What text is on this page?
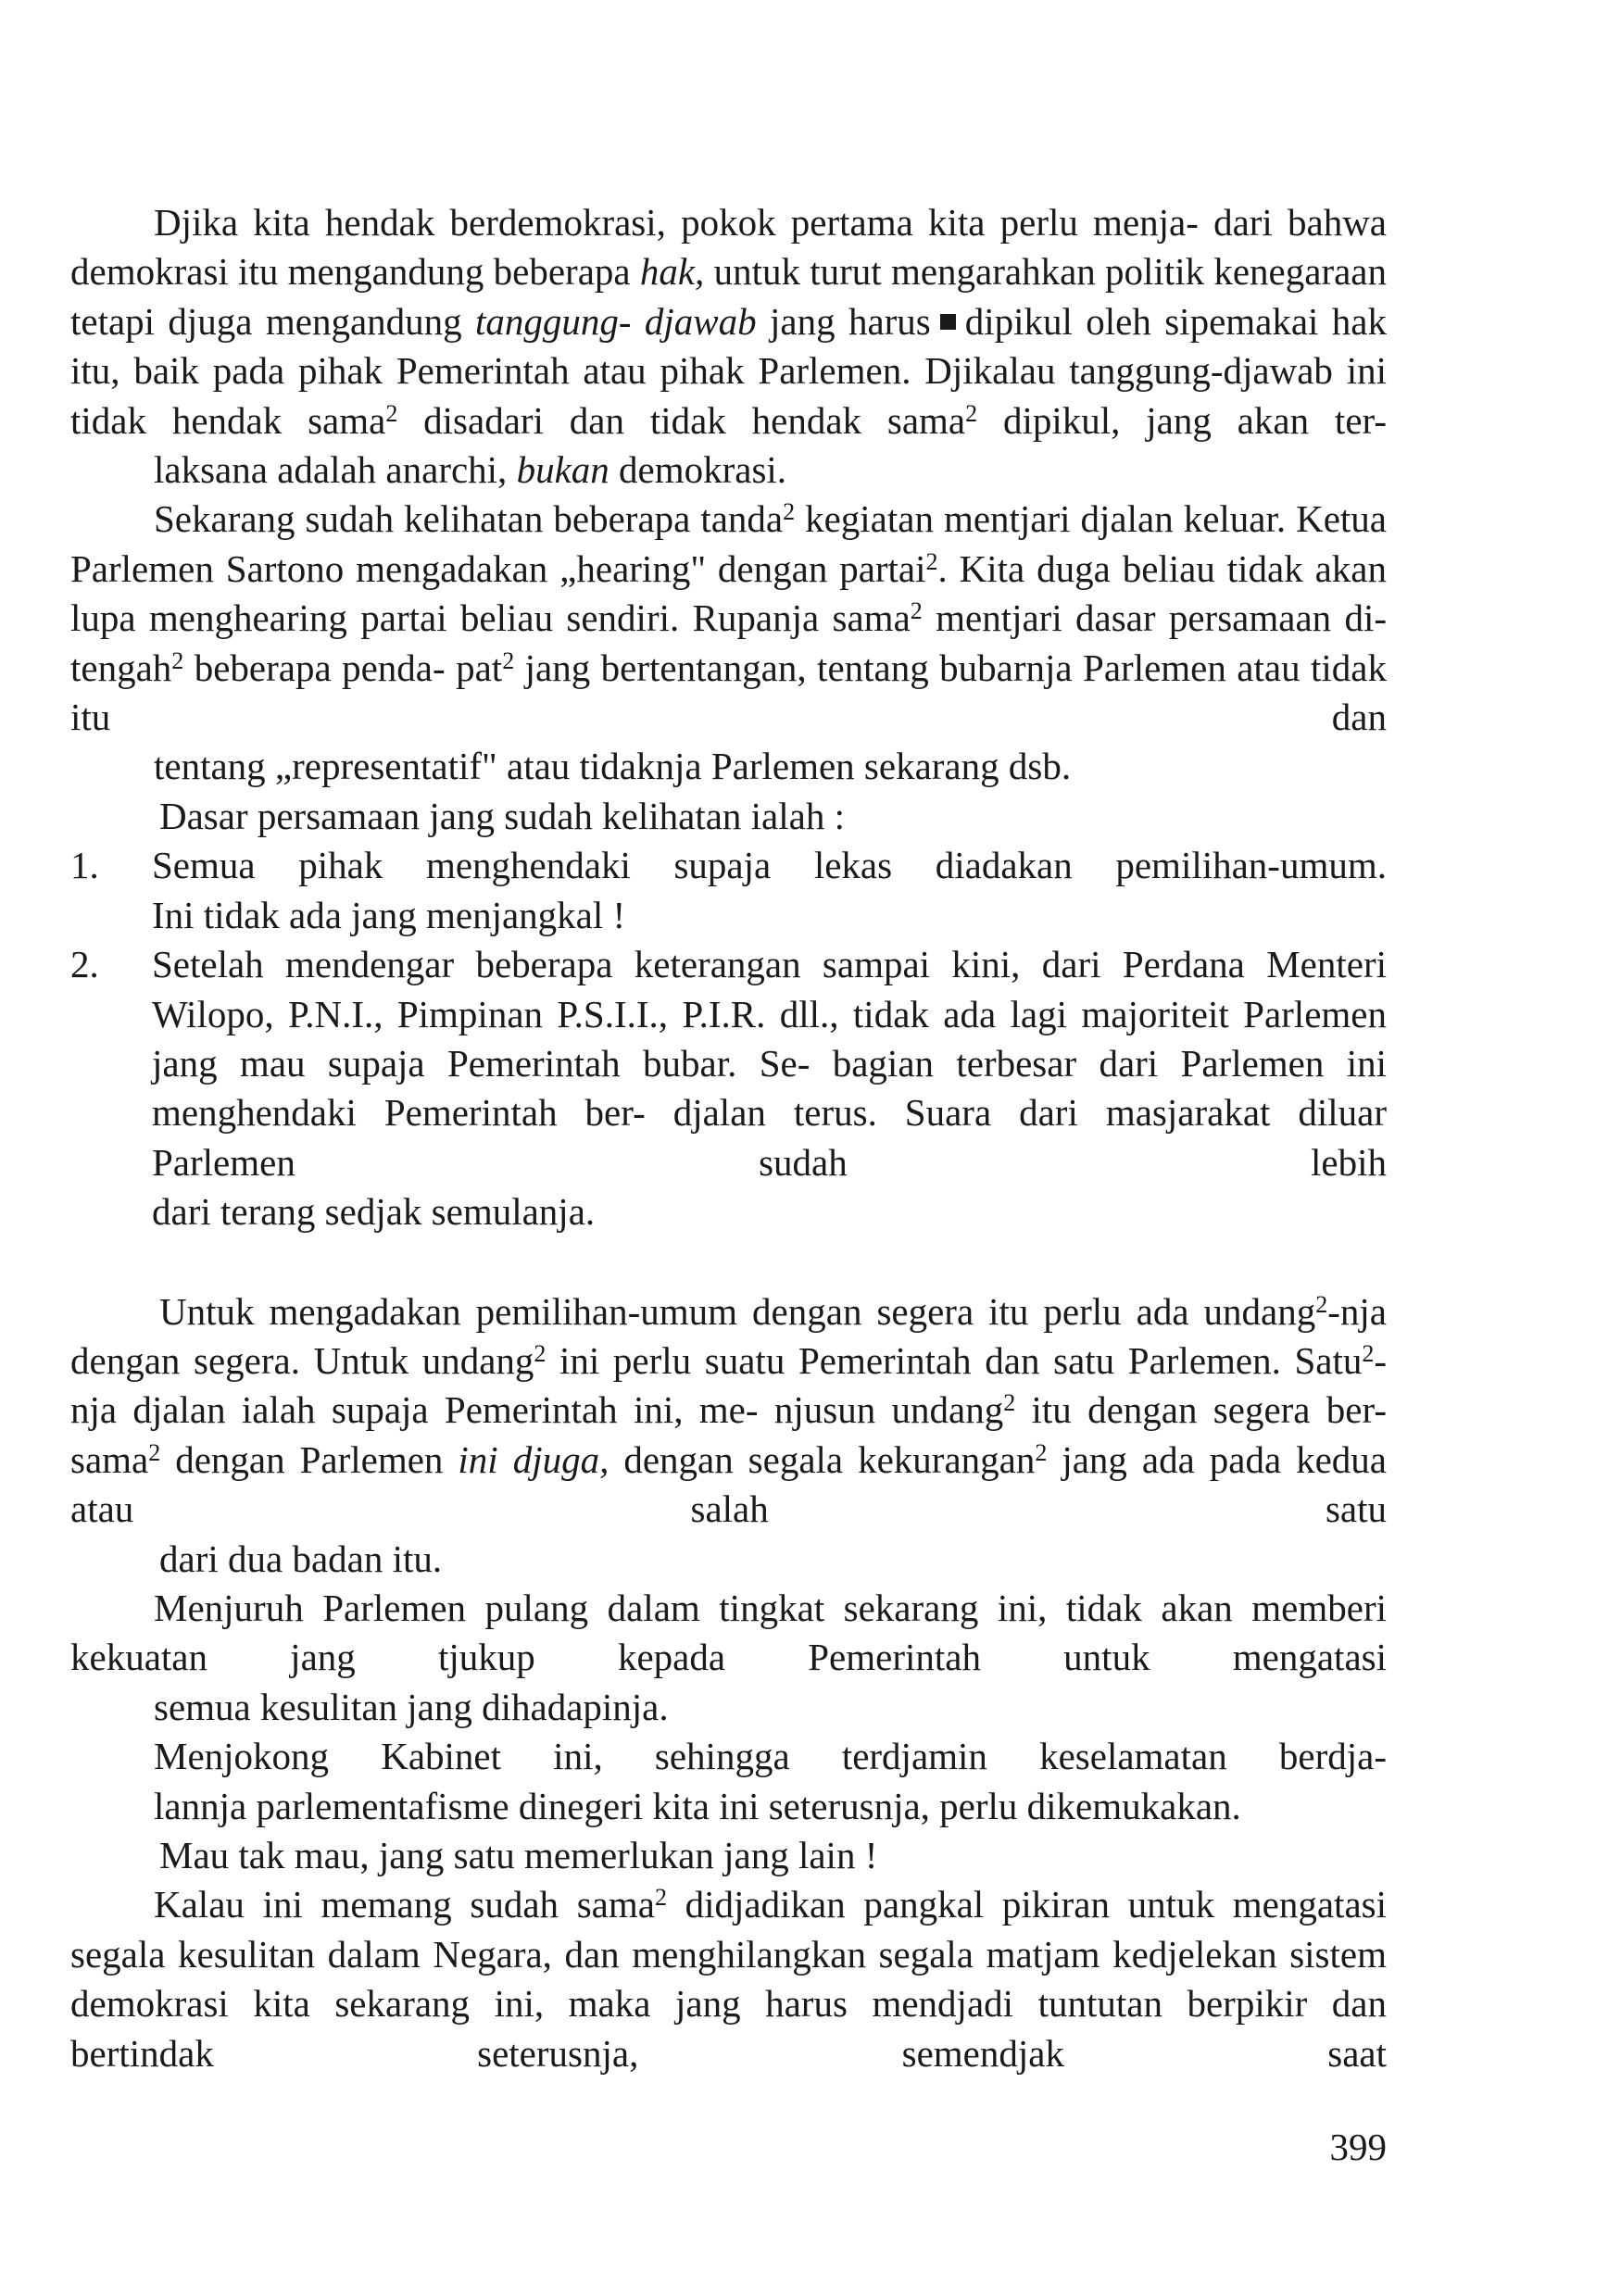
Djika kita hendak berdemokrasi, pokok pertama kita perlu menja- dari bahwa demokrasi itu mengandung beberapa hak, untuk turut mengarahkan politik kenegaraan tetapi djuga mengandung tanggung- djawab jang harus dipikul oleh sipemakai hak itu, baik pada pihak Pemerintah atau pihak Parlemen. Djikalau tanggung-djawab ini tidak hendak sama$^2$ disadari dan tidak hendak sama$^2$ dipikul, jang akan ter-
laksana adalah anarchi, bukan demokrasi.

Sekarang sudah kelihatan beberapa tanda$^2$ kegiatan mentjari djalan keluar. Ketua Parlemen Sartono mengadakan „hearing" dengan partai$^2$. Kita duga beliau tidak akan lupa menghearing partai beliau sendiri. Rupanja sama$^2$ mentjari dasar persamaan di-tengah$^2$ beberapa penda- pat$^2$ jang bertentangan, tentang bubarnja Parlemen atau tidak itu dan
tentang „representatif" atau tidaknja Parlemen sekarang dsb.

Dasar persamaan jang sudah kelihatan ialah :

1. Semua pihak menghendaki supaja lekas diadakan pemilihan-umum.
Ini tidak ada jang menjangkal !

2. Setelah mendengar beberapa keterangan sampai kini, dari Perdana Menteri Wilopo, P.N.I., Pimpinan P.S.I.I., P.I.R. dll., tidak ada lagi majoriteit Parlemen jang mau supaja Pemerintah bubar. Se- bagian terbesar dari Parlemen ini menghendaki Pemerintah ber- djalan terus. Suara dari masjarakat diluar Parlemen sudah lebih
dari terang sedjak semulanja.

Untuk mengadakan pemilihan-umum dengan segera itu perlu ada undang$^2$-nja dengan segera. Untuk undang$^2$ ini perlu suatu Pemerintah dan satu Parlemen. Satu$^2$-nja djalan ialah supaja Pemerintah ini, me- njusun undang$^2$ itu dengan segera ber-sama$^2$ dengan Parlemen ini djuga, dengan segala kekurangan$^2$ jang ada pada kedua atau salah satu
dari dua badan itu.

Menjuruh Parlemen pulang dalam tingkat sekarang ini, tidak akan memberi kekuatan jang tjukup kepada Pemerintah untuk mengatasi
semua kesulitan jang dihadapinja.

Menjokong Kabinet ini, sehingga terdjamin keselamatan berdja-
lannja parlementafisme dinegeri kita ini seterusnja, perlu dikemukakan.

Mau tak mau, jang satu memerlukan jang lain !

Kalau ini memang sudah sama$^2$ didjadikan pangkal pikiran untuk mengatasi segala kesulitan dalam Negara, dan menghilangkan segala matjam kedjelekan sistem demokrasi kita sekarang ini, maka jang harus mendjadi tuntutan berpikir dan bertindak seterusnja, semendjak saat

399
